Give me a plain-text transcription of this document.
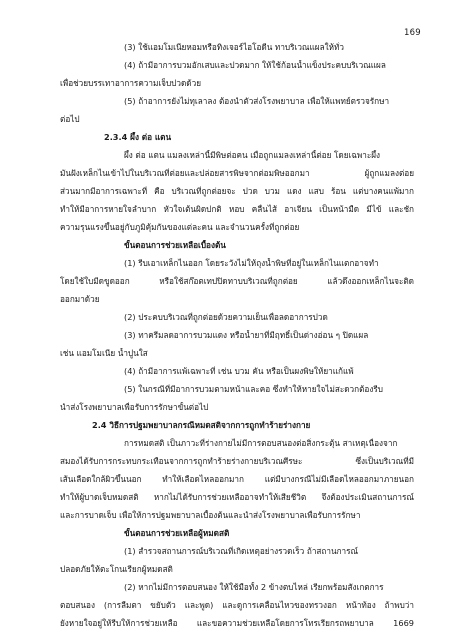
169
(3) ใช้แอมโมเนียหอมหรือทิงเจอร์ไอโอดีน ทาบริเวณแผลให้ทั่ว
(4) ถ้ามีอาการบวมอักเสบและปวดมาก ให้ใช้ก้อนน้ำแข็งประคบบริเวณแผล
เพื่อช่วยบรรเทาอาการความเจ็บปวดด้วย
(5) ถ้าอาการยังไม่ทุเลาลง ต้องนำตัวส่งโรงพยาบาล เพื่อให้แพทย์ตรวจรักษา
ต่อไป
2.3.4 ผึ้ง ต่อ แตน
ผึ้ง ต่อ แตน แมลงเหล่านี้มีพิษต่อคน เมื่อถูกแมลงเหล่านี้ต่อย โดยเฉพาะผึ้ง
มันฝังเหล็กไนเข้าไปในบริเวณที่ต่อยและปล่อยสารพิษจากต่อมพิษออกมา ผู้ถูกแมลงต่อย
ส่วนมากมีอาการเฉพาะที่ คือ บริเวณที่ถูกต่อยจะ ปวด บวม แดง แสบ ร้อน แต่บางคนแพ้มาก
ทำให้มีอาการหายใจลำบาก หัวใจเต้นผิดปกติ หอบ คลื่นไส้ อาเจียน เป็นหน้ามืด มีไข้ และชัก
ความรุนแรงขึ้นอยู่กับภูมิคุ้มกันของแต่ละคน และจำนวนครั้งที่ถูกต่อย
ขั้นตอนการช่วยเหลือเบื้องต้น
(1) รีบเอาเหล็กไนออก โดยระวังไม่ให้ถุงน้ำพิษที่อยู่ในเหล็กไนแตกอาจทำ
โดยใช้ใบมีดขูดออก หรือใช้สก๊อตเทปปิดทาบบริเวณที่ถูกต่อย แล้วดึงออกเหล็กไนจะติด
ออกมาด้วย
(2) ประคบบริเวณที่ถูกต่อยด้วยความเย็นเพื่อลดอาการปวด
(3) ทาครีมลดอาการบวมแดง หรือน้ำยาที่มีฤทธิ์เป็นด่างอ่อน ๆ ปิดแผล
เช่น แอมโมเนีย น้ำปูนใส
(4) ถ้ามีอาการแพ้เฉพาะที่ เช่น บวม คัน หรือเป็นผงพิษให้ยาแก้แพ้
(5) ในกรณีที่มีอาการบวมตามหน้าและคอ ซึ่งทำให้หายใจไม่สะดวกต้องรีบ
นำส่งโรงพยาบาลเพื่อรับการรักษาขั้นต่อไป
2.4 วิธีการปฐมพยาบาลกรณีหมดสติจากการถูกทำร้ายร่างกาย
การหมดสติ เป็นภาวะที่ร่างกายไม่มีการตอบสนองต่อสิ่งกระตุ้น สาเหตุเนื่องจาก
สมองได้รับการกระทบกระเทือนจากการถูกทำร้ายร่างกายบริเวณศีรษะ ซึ่งเป็นบริเวณที่มี
เส้นเลือดใกล้ผิวขึ้นนอก ทำให้เลือดไหลออกมาก แต่มีบางกรณีไม่มีเลือดไหลออกมาภายนอก
ทำให้ผู้บาดเจ็บหมดสติ หากไม่ได้รับการช่วยเหลืออาจทำให้เสียชีวิต จึงต้องประเมินสถานการณ์
และการบาดเจ็บ เพื่อให้การปฐมพยาบาลเบื้องต้นและนำส่งโรงพยาบาลเพื่อรับการรักษา
ขั้นตอนการช่วยเหลือผู้หมดสติ
(1) สำรวจสถานการณ์บริเวณที่เกิดเหตุอย่างรวดเร็ว ถ้าสถานการณ์
ปลอดภัยให้ตะโกนเรียกผู้หมดสติ
(2) หากไม่มีการตอบสนอง ให้ใช้มือทั้ง 2 ข้างตบไหล่ เรียกพร้อมสังเกตการ
ตอบสนอง (การลืมตา ขยับตัว และพูด) และดูการเคลื่อนไหวของทรวงอก หน้าท้อง ถ้าพบว่า
ยังหายใจอยู่ให้รีบให้การช่วยเหลือ และขอความช่วยเหลือโดยการโทรเรียกรถพยาบาล 1669
